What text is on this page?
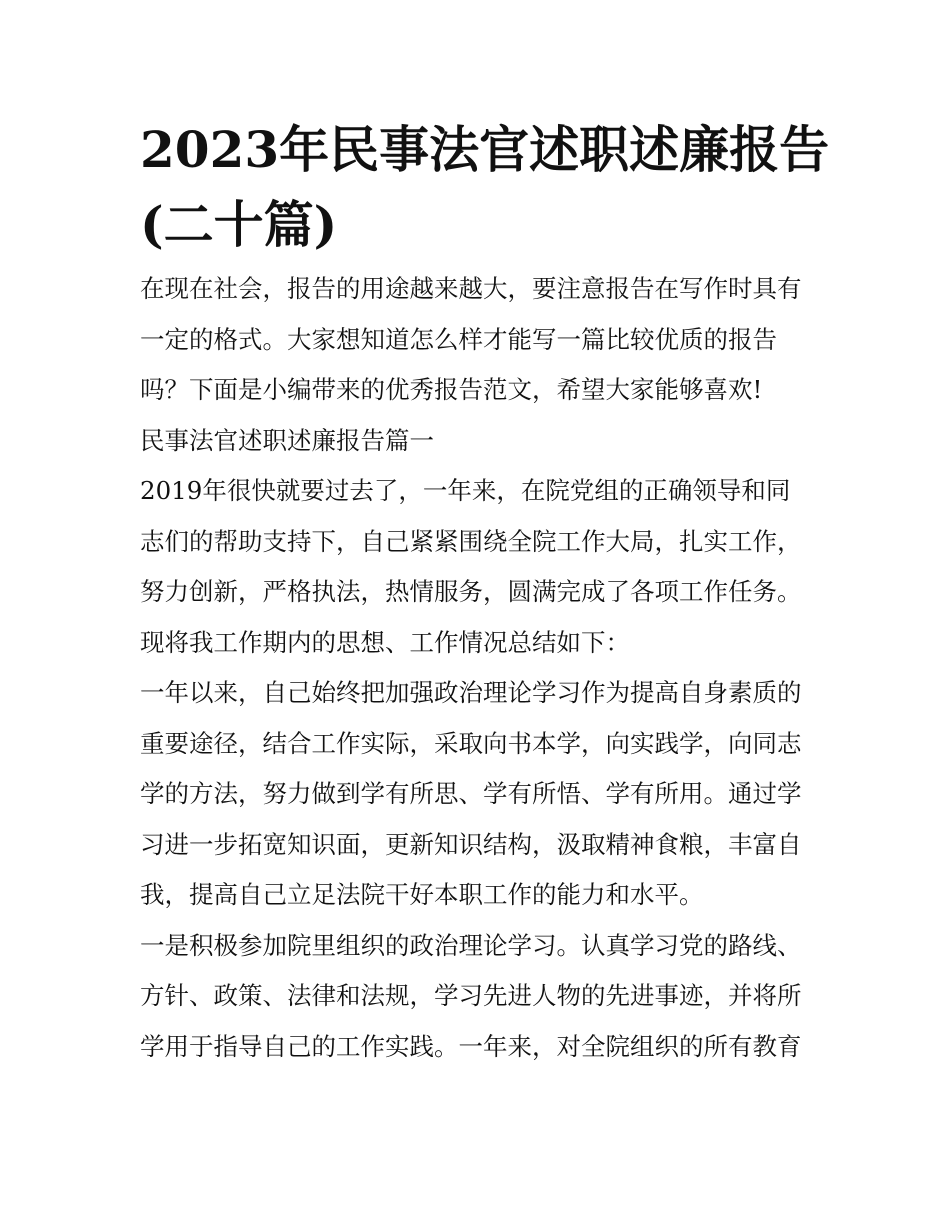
2023年民事法官述职述廉报告
(二十篇)
在现在社会，报告的用途越来越大，要注意报告在写作时具有
一定的格式。大家想知道怎么样才能写一篇比较优质的报告
吗？下面是小编带来的优秀报告范文，希望大家能够喜欢!
民事法官述职述廉报告篇一
2019年很快就要过去了，一年来，在院党组的正确领导和同
志们的帮助支持下，自己紧紧围绕全院工作大局，扎实工作，
努力创新，严格执法，热情服务，圆满完成了各项工作任务。
现将我工作期内的思想、工作情况总结如下：
一年以来，自己始终把加强政治理论学习作为提高自身素质的
重要途径，结合工作实际，采取向书本学，向实践学，向同志
学的方法，努力做到学有所思、学有所悟、学有所用。通过学
习进一步拓宽知识面，更新知识结构，汲取精神食粮，丰富自
我，提高自己立足法院干好本职工作的能力和水平。
一是积极参加院里组织的政治理论学习。认真学习党的路线、
方针、政策、法律和法规，学习先进人物的先进事迹，并将所
学用于指导自己的工作实践。一年来，对全院组织的所有教育
